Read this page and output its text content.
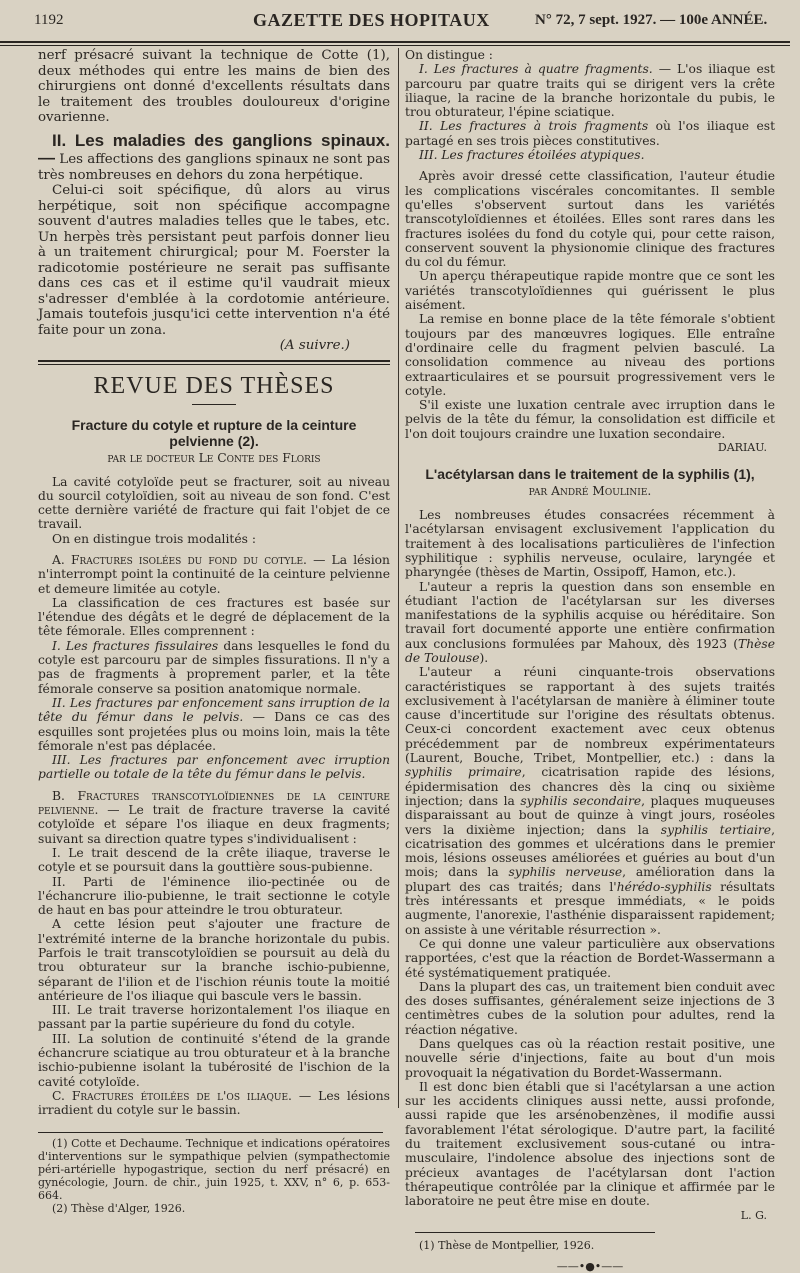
1192	GAZETTE DES HOPITAUX	N° 72, 7 sept. 1927. — 100e ANNÉE.

nerf présacré suivant la technique de Cotte (1), deux méthodes qui entre les mains de bien des chirurgiens ont donné d'excellents résultats dans le traitement des troubles douloureux d'origine ovarienne.

II. Les maladies des ganglions spinaux. — Les affections des ganglions spinaux ne sont pas très nombreuses en dehors du zona herpétique.

Celui-ci soit spécifique, dû alors au virus herpétique, soit non spécifique accompagne souvent d'autres maladies telles que le tabes, etc. Un herpès très persistant peut parfois donner lieu à un traitement chirurgical; pour M. Foerster la radicotomie postérieure ne serait pas suffisante dans ces cas et il estime qu'il vaudrait mieux s'adresser d'emblée à la cordotomie antérieure. Jamais toutefois jusqu'ici cette intervention n'a été faite pour un zona.

(A suivre.)

REVUE DES THÈSES

Fracture du cotyle et rupture de la ceinture pelvienne (2).

par le docteur Le Conte des Floris

La cavité cotyloïde peut se fracturer, soit au niveau du sourcil cotyloïdien, soit au niveau de son fond. C'est cette dernière variété de fracture qui fait l'objet de ce travail.

On en distingue trois modalités :

A. Fractures isolées du fond du cotyle. — La lésion n'interrompt point la continuité de la ceinture pelvienne et demeure limitée au cotyle.

La classification de ces fractures est basée sur l'étendue des dégâts et le degré de déplacement de la tête fémorale. Elles comprennent :

I. Les fractures fissulaires dans lesquelles le fond du cotyle est parcouru par de simples fissurations. Il n'y a pas de fragments à proprement parler, et la tête fémorale conserve sa position anatomique normale.

II. Les fractures par enfoncement sans irruption de la tête du fémur dans le pelvis. — Dans ce cas des esquilles sont projetées plus ou moins loin, mais la tête fémorale n'est pas déplacée.

III. Les fractures par enfoncement avec irruption partielle ou totale de la tête du fémur dans le pelvis.

B. Fractures transcotyloïdiennes de la ceinture pelvienne. — Le trait de fracture traverse la cavité cotyloïde et sépare l'os iliaque en deux fragments; suivant sa direction quatre types s'individualisent :

I. Le trait descend de la crête iliaque, traverse le cotyle et se poursuit dans la gouttière sous-pubienne.

II. Parti de l'éminence ilio-pectinée ou de l'échancrure ilio-pubienne, le trait sectionne le cotyle de haut en bas pour atteindre le trou obturateur.

A cette lésion peut s'ajouter une fracture de l'extrémité interne de la branche horizontale du pubis. Parfois le trait transcotyloïdien se poursuit au delà du trou obturateur sur la branche ischio-pubienne, séparant de l'ilion et de l'ischion réunis toute la moitié antérieure de l'os iliaque qui bascule vers le bassin.

III. Le trait traverse horizontalement l'os iliaque en passant par la partie supérieure du fond du cotyle.

III. La solution de continuité s'étend de la grande échancrure sciatique au trou obturateur et à la branche ischio-pubienne isolant la tubérosité de l'ischion de la cavité cotyloïde.

C. Fractures étoilées de l'os iliaque. — Les lésions irradient du cotyle sur le bassin.

(1) Cotte et Dechaume. Technique et indications opératoires d'interventions sur le sympathique pelvien (sympathectomie péri-artérielle hypogastrique, section du nerf présacré) en gynécologie, Journ. de chir., juin 1925, t. XXV, n° 6, p. 653-664.

(2) Thèse d'Alger, 1926.

On distingue :

I. Les fractures à quatre fragments. — L'os iliaque est parcouru par quatre traits qui se dirigent vers la crête iliaque, la racine de la branche horizontale du pubis, le trou obturateur, l'épine sciatique.

II. Les fractures à trois fragments où l'os iliaque est partagé en ses trois pièces constitutives.

III. Les fractures étoilées atypiques.

Après avoir dressé cette classification, l'auteur étudie les complications viscérales concomitantes. Il semble qu'elles s'observent surtout dans les variétés transcotyloïdiennes et étoilées. Elles sont rares dans les fractures isolées du fond du cotyle qui, pour cette raison, conservent souvent la physionomie clinique des fractures du col du fémur.

Un aperçu thérapeutique rapide montre que ce sont les variétés transcotyloïdiennes qui guérissent le plus aisément.

La remise en bonne place de la tête fémorale s'obtient toujours par des manœuvres logiques. Elle entraîne d'ordinaire celle du fragment pelvien basculé. La consolidation commence au niveau des portions extraarticulaires et se poursuit progressivement vers le cotyle.

S'il existe une luxation centrale avec irruption dans le pelvis de la tête du fémur, la consolidation est difficile et l'on doit toujours craindre une luxation secondaire.

DARIAU.

L'acétylarsan dans le traitement de la syphilis (1),

par André Moulinie.

Les nombreuses études consacrées récemment à l'acétylarsan envisagent exclusivement l'application du traitement à des localisations particulières de l'infection syphilitique : syphilis nerveuse, oculaire, laryngée et pharyngée (thèses de Martin, Ossipoff, Hamon, etc.).

L'auteur a repris la question dans son ensemble en étudiant l'action de l'acétylarsan sur les diverses manifestations de la syphilis acquise ou héréditaire. Son travail fort documenté apporte une entière confirmation aux conclusions formulées par Mahoux, dès 1923 (Thèse de Toulouse).

L'auteur a réuni cinquante-trois observations caractéristiques se rapportant à des sujets traités exclusivement à l'acétylarsan de manière à éliminer toute cause d'incertitude sur l'origine des résultats obtenus. Ceux-ci concordent exactement avec ceux obtenus précédemment par de nombreux expérimentateurs (Laurent, Bouche, Tribet, Montpellier, etc.) : dans la syphilis primaire, cicatrisation rapide des lésions, épidermisation des chancres dès la cinq ou sixième injection; dans la syphilis secondaire, plaques muqueuses disparaissant au bout de quinze à vingt jours, roséoles vers la dixième injection; dans la syphilis tertiaire, cicatrisation des gommes et ulcérations dans le premier mois, lésions osseuses améliorées et guéries au bout d'un mois; dans la syphilis nerveuse, amélioration dans la plupart des cas traités; dans l'hérédo-syphilis résultats très intéressants et presque immédiats, « le poids augmente, l'anorexie, l'asthénie disparaissent rapidement; on assiste à une véritable résurrection ».

Ce qui donne une valeur particulière aux observations rapportées, c'est que la réaction de Bordet-Wassermann a été systématiquement pratiquée.

Dans la plupart des cas, un traitement bien conduit avec des doses suffisantes, généralement seize injections de 3 centimètres cubes de la solution pour adultes, rend la réaction négative.

Dans quelques cas où la réaction restait positive, une nouvelle série d'injections, faite au bout d'un mois provoquait la négativation du Bordet-Wassermann.

Il est donc bien établi que si l'acétylarsan a une action sur les accidents cliniques aussi nette, aussi profonde, aussi rapide que les arsénobenzènes, il modifie aussi favorablement l'état sérologique. D'autre part, la facilité du traitement exclusivement sous-cutané ou intra-musculaire, l'indolence absolue des injections sont de précieux avantages de l'acétylarsan dont l'action thérapeutique contrôlée par la clinique et affirmée par le laboratoire ne peut être mise en doute.

L. G.

(1) Thèse de Montpellier, 1926.

——•●•——
